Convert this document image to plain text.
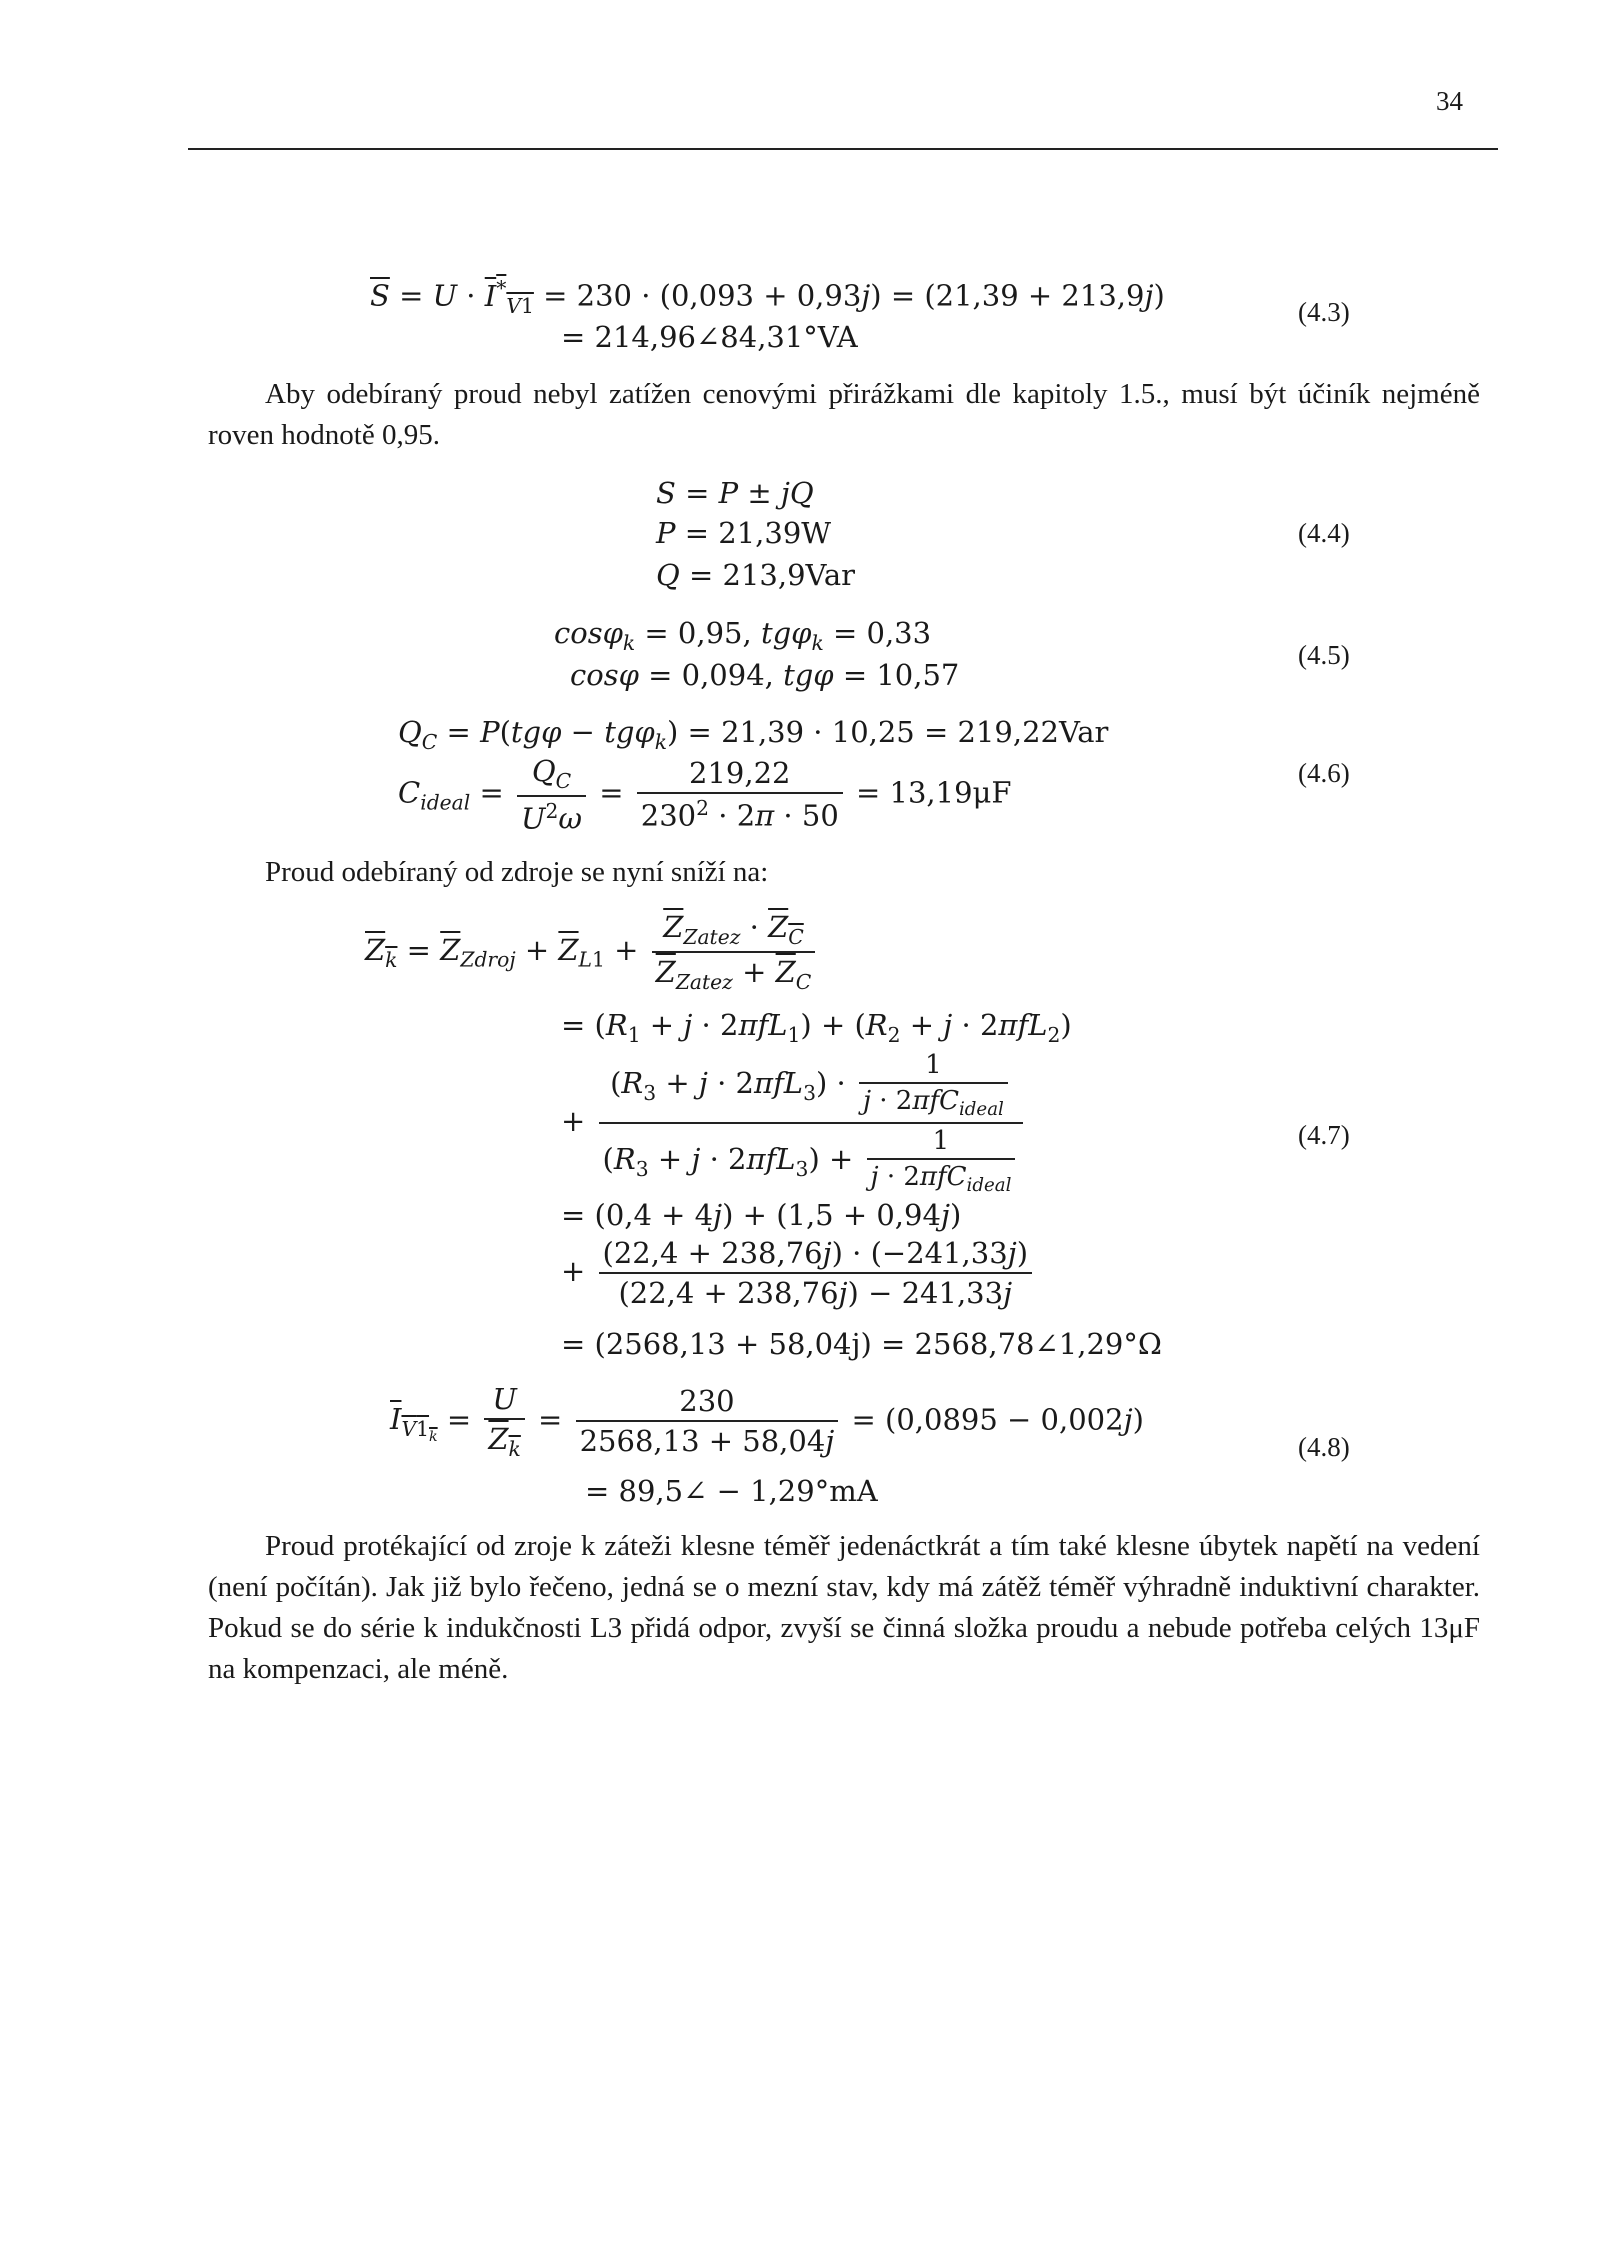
34
$\overline{S} = U \cdot I^*_{V1} = 230 \cdot (0,093 + 0,93j) = (21,39 + 213,9j)$
= 214,96∠84,31°VA
(4.3)

Aby odebíraný proud nebyl zatížen cenovými přirážkami dle kapitoly 1.5., musí být účiník nejméně roven hodnotě 0,95.

S = P ± jQ
P = 21,39W
Q = 213,9Var
(4.4)
cosφ$_k$ = 0,95, tgφ$_k$ = 0,33
cosφ = 0,094, tgφ = 10,57
(4.5)
$Q_C = P(tg\varphi - tg\varphi_k) = 21,39 \cdot 10,25 = 219,22Var$
$C_{ideal} = \frac{Q_C}{U^2\omega} = \frac{219,22}{230^2 \cdot 2\pi \cdot 50} = 13,19\mu F$
(4.6)

Proud odebíraný od zdroje se nyní sníží na:

$Z_k = \overline{Z}_{Zdroj} + \overline{Z}_{L1} + \frac{\overline{Z}_{Zatez} \cdot Z_C}{\overline{Z}_{Zatez} + \overline{Z}_C}$
= $(R_1 + j \cdot 2\pi fL_1) + (R_2 + j \cdot 2\pi fL_2)$
+ $\frac{(R_3 + j \cdot 2\pi fL_3) \cdot \frac{1}{j \cdot 2\pi fC_{ideal}}}{(R_3 + j \cdot 2\pi fL_3) + \frac{1}{j \cdot 2\pi fC_{ideal}}}$
= (0,4 + 4j) + (1,5 + 0,94j)
+ $\frac{(22,4 + 238,76j) \cdot (-241,33j)}{(22,4 + 238,76j) - 241,33j}$
= (2568,13 + 58,04j) = 2568,78∠1,29°Ω
(4.7)
$I_{V1_k} = \frac{U}{Z_k} = \frac{230}{2568,13 + 58,04j} = (0,0895 - 0,002j)$
= 89,5∠ − 1,29°mA
(4.8)

Proud protékající od zroje k záteži klesne téměř jedenáctkrát a tím také klesne úbytek napětí na vedení (není počítán). Jak již bylo řečeno, jedná se o mezní stav, kdy má zátěž téměř výhradně induktivní charakter. Pokud se do série k indukčnosti L3 přidá odpor, zvyší se činná složka proudu a nebude potřeba celých 13μF na kompenzaci, ale méně.
